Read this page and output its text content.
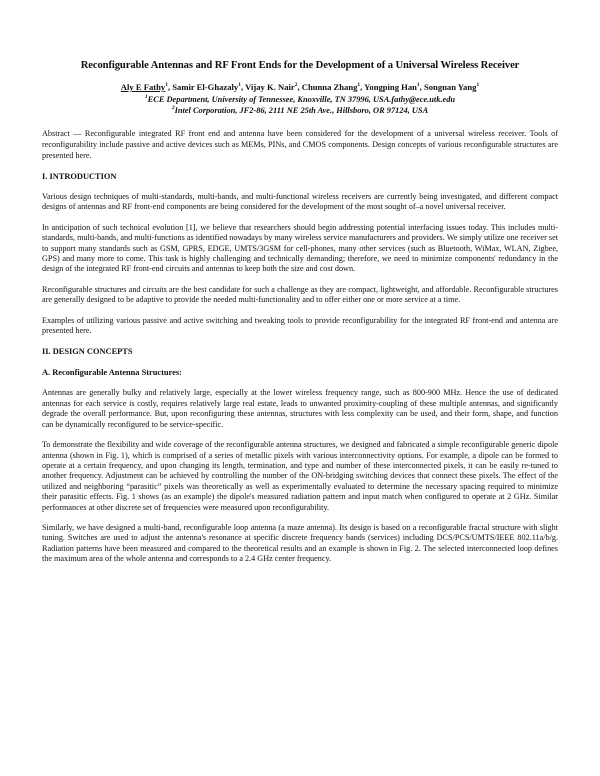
Reconfigurable Antennas and RF Front Ends for the Development of a Universal Wireless Receiver
Aly E Fathy$^1$, Samir El-Ghazaly$^1$, Vijay K. Nair$^2$, Chunna Zhang$^1$, Yongping Han$^1$, Songnan Yang$^1$
$^1$ECE Department, University of Tennessee, Knoxville, TN 37996, USA.fathy@ece.utk.edu
$^2$Intel Corporation, JF2-86, 2111 NE 25th Ave., Hillsboro, OR 97124, USA

Abstract — Reconfigurable integrated RF front end and antenna have been considered for the development of a universal wireless receiver. Tools of reconfigurability include passive and active devices such as MEMs, PINs, and CMOS components. Design concepts of various reconfigurable structures are presented here.

I. INTRODUCTION

Various design techniques of multi-standards, multi-bands, and multi-functional wireless receivers are currently being investigated, and different compact designs of antennas and RF front-end components are being considered for the development of the most sought of–a novel universal receiver.

In anticipation of such technical evolution [1], we believe that researchers should begin addressing potential interfacing issues today. This includes multi-standards, multi-bands, and multi-functions as identified nowadays by many wireless service manufacturers and providers. We simply utilize one receiver set to support many standards such as GSM, GPRS, EDGE, UMTS/3GSM for cell-phones, many other services (such as Bluetooth, WiMax, WLAN, Zigbee, GPS) and many more to come. This task is highly challenging and technically demanding; therefore, we need to minimize components' redundancy in the design of the integrated RF front-end circuits and antennas to keep both the size and cost down.

Reconfigurable structures and circuits are the best candidate for such a challenge as they are compact, lightweight, and affordable. Reconfigurable structures are generally designed to be adaptive to provide the needed multi-functionality and to offer either one or more service at a time.

Examples of utilizing various passive and active switching and tweaking tools to provide reconfigurability for the integrated RF front-end and antenna are presented here.

II. DESIGN CONCEPTS
A. Reconfigurable Antenna Structures:

Antennas are generally bulky and relatively large, especially at the lower wireless frequency range, such as 800-900 MHz. Hence the use of dedicated antennas for each service is costly, requires relatively large real estate, leads to unwanted proximity-coupling of these multiple antennas, and significantly degrade the overall performance. But, upon reconfiguring these antennas, structures with less complexity can be used, and their form, shape, and function can be dynamically reconfigured to be service-specific.

To demonstrate the flexibility and wide coverage of the reconfigurable antenna structures, we designed and fabricated a simple reconfigurable generic dipole antenna (shown in Fig. 1), which is comprised of a series of metallic pixels with various interconnectivity options. For example, a dipole can be formed to operate at a certain frequency, and upon changing its length, termination, and type and number of these interconnected pixels, it can be easily re-tuned to another frequency. Adjustment can be achieved by controlling the number of the ON-bridging switching devices that connect these pixels. The effect of the utilized and neighboring “parasitic” pixels was theoretically as well as experimentally evaluated to determine the necessary spacing required to minimize their parasitic effects. Fig. 1 shows (as an example) the dipole's measured radiation pattern and input match when configured to operate at 2 GHz. Similar performances at other discrete set of frequencies were measured upon reconfigurability.

Similarly, we have designed a multi-band, reconfigurable loop antenna (a maze antenna). Its design is based on a reconfigurable fractal structure with slight tuning. Switches are used to adjust the antenna's resonance at specific discrete frequency bands (services) including DCS/PCS/UMTS/IEEE 802.11a/b/g. Radiation patterns have been measured and compared to the theoretical results and an example is shown in Fig. 2. The selected interconnected loop defines the maximum area of the whole antenna and corresponds to a 2.4 GHz center frequency.
